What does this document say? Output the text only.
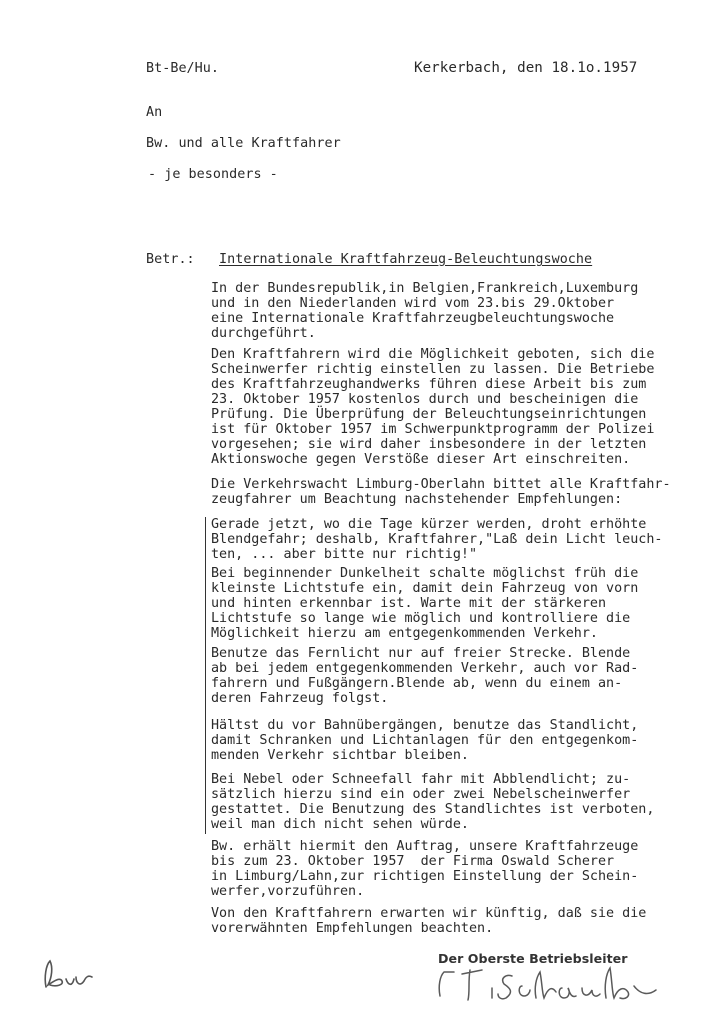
Bt-Be/Hu.	Kerkerbach, den 18.1o.1957

An

Bw. und alle Kraftfahrer

- je besonders -

Betr.: Internationale Kraftfahrzeug-Beleuchtungswoche

In der Bundesrepublik,in Belgien,Frankreich,Luxemburg
und in den Niederlanden wird vom 23.bis 29.Oktober
eine Internationale Kraftfahrzeugbeleuchtungswoche
durchgeführt.
Den Kraftfahrern wird die Möglichkeit geboten, sich die
Scheinwerfer richtig einstellen zu lassen. Die Betriebe
des Kraftfahrzeughandwerks führen diese Arbeit bis zum
23. Oktober 1957 kostenlos durch und bescheinigen die
Prüfung. Die Überprüfung der Beleuchtungseinrichtungen
ist für Oktober 1957 im Schwerpunktprogramm der Polizei
vorgesehen; sie wird daher insbesondere in der letzten
Aktionswoche gegen Verstöße dieser Art einschreiten.
Die Verkehrswacht Limburg-Oberlahn bittet alle Kraftfahr-
zeugfahrer um Beachtung nachstehender Empfehlungen:
Gerade jetzt, wo die Tage kürzer werden, droht erhöhte
Blendgefahr; deshalb, Kraftfahrer,"Laß dein Licht leuch-
ten, ... aber bitte nur richtig!"
Bei beginnender Dunkelheit schalte möglichst früh die
kleinste Lichtstufe ein, damit dein Fahrzeug von vorn
und hinten erkennbar ist. Warte mit der stärkeren
Lichtstufe so lange wie möglich und kontrolliere die
Möglichkeit hierzu am entgegenkommenden Verkehr.
Benutze das Fernlicht nur auf freier Strecke. Blende
ab bei jedem entgegenkommenden Verkehr, auch vor Rad-
fahrern und Fußgängern.Blende ab, wenn du einem an-
deren Fahrzeug folgst.
Hältst du vor Bahnübergängen, benutze das Standlicht,
damit Schranken und Lichtanlagen für den entgegenkom-
menden Verkehr sichtbar bleiben.
Bei Nebel oder Schneefall fahr mit Abblendlicht; zu-
sätzlich hierzu sind ein oder zwei Nebelscheinwerfer
gestattet. Die Benutzung des Standlichtes ist verboten,
weil man dich nicht sehen würde.
Bw. erhält hiermit den Auftrag, unsere Kraftfahrzeuge
bis zum 23. Oktober 1957  der Firma Oswald Scherer
in Limburg/Lahn,zur richtigen Einstellung der Schein-
werfer,vorzuführen.
Von den Kraftfahrern erwarten wir künftig, daß sie die
vorerwähnten Empfehlungen beachten.

Der Oberste Betriebsleiter
